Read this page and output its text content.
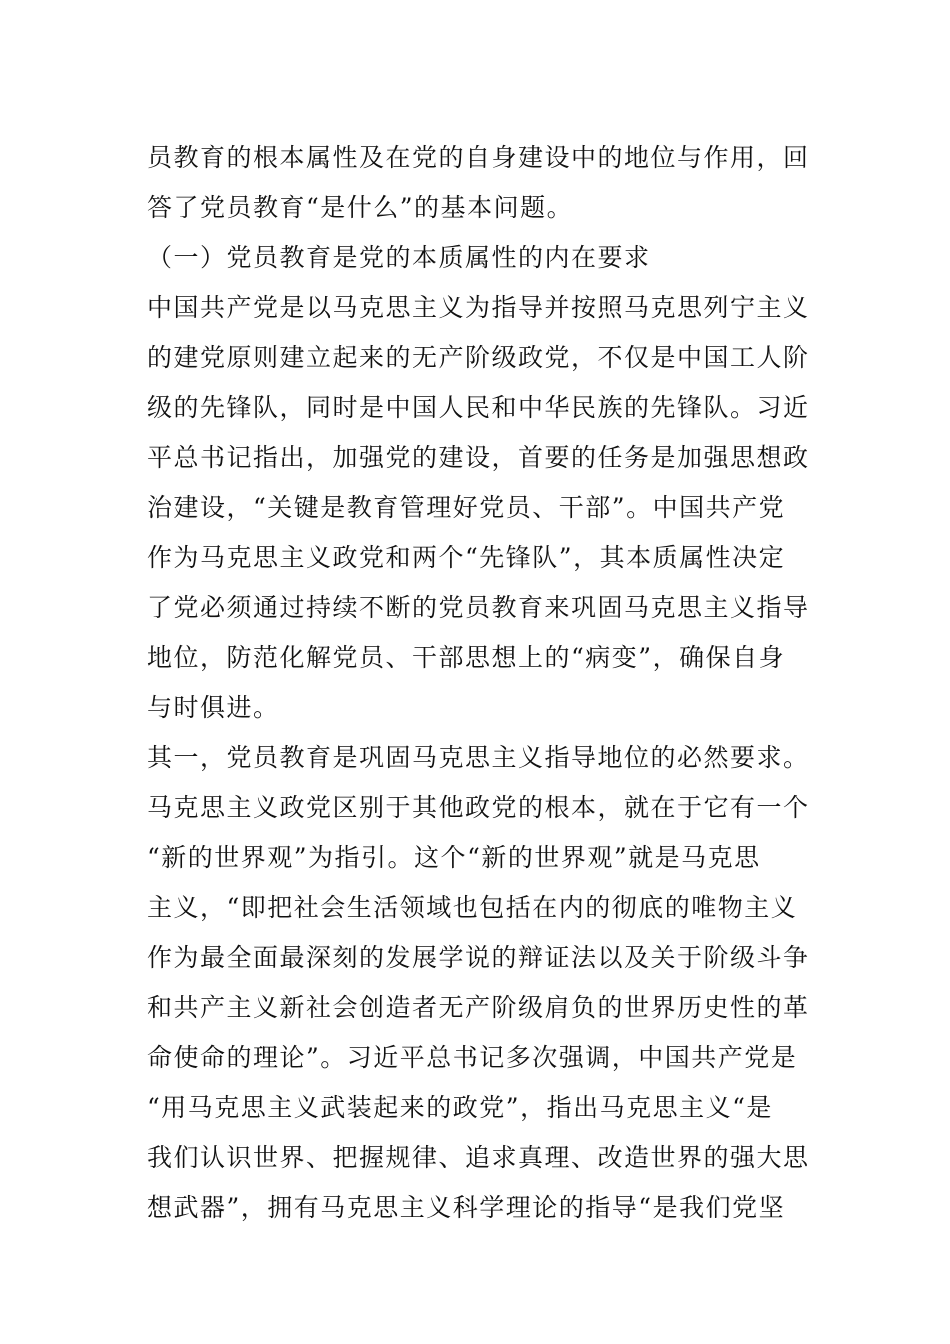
员教育的根本属性及在党的自身建设中的地位与作用，回
答了党员教育“是什么”的基本问题。
（一）党员教育是党的本质属性的内在要求
中国共产党是以马克思主义为指导并按照马克思列宁主义
的建党原则建立起来的无产阶级政党，不仅是中国工人阶
级的先锋队，同时是中国人民和中华民族的先锋队。习近
平总书记指出，加强党的建设，首要的任务是加强思想政
治建设，“关键是教育管理好党员、干部”。中国共产党
作为马克思主义政党和两个“先锋队”，其本质属性决定
了党必须通过持续不断的党员教育来巩固马克思主义指导
地位，防范化解党员、干部思想上的“病变”，确保自身
与时俱进。
其一，党员教育是巩固马克思主义指导地位的必然要求。
马克思主义政党区别于其他政党的根本，就在于它有一个
“新的世界观”为指引。这个“新的世界观”就是马克思
主义，“即把社会生活领域也包括在内的彻底的唯物主义
作为最全面最深刻的发展学说的辩证法以及关于阶级斗争
和共产主义新社会创造者无产阶级肩负的世界历史性的革
命使命的理论”。习近平总书记多次强调，中国共产党是
“用马克思主义武装起来的政党”，指出马克思主义“是
我们认识世界、把握规律、追求真理、改造世界的强大思
想武器”，拥有马克思主义科学理论的指导“是我们党坚
